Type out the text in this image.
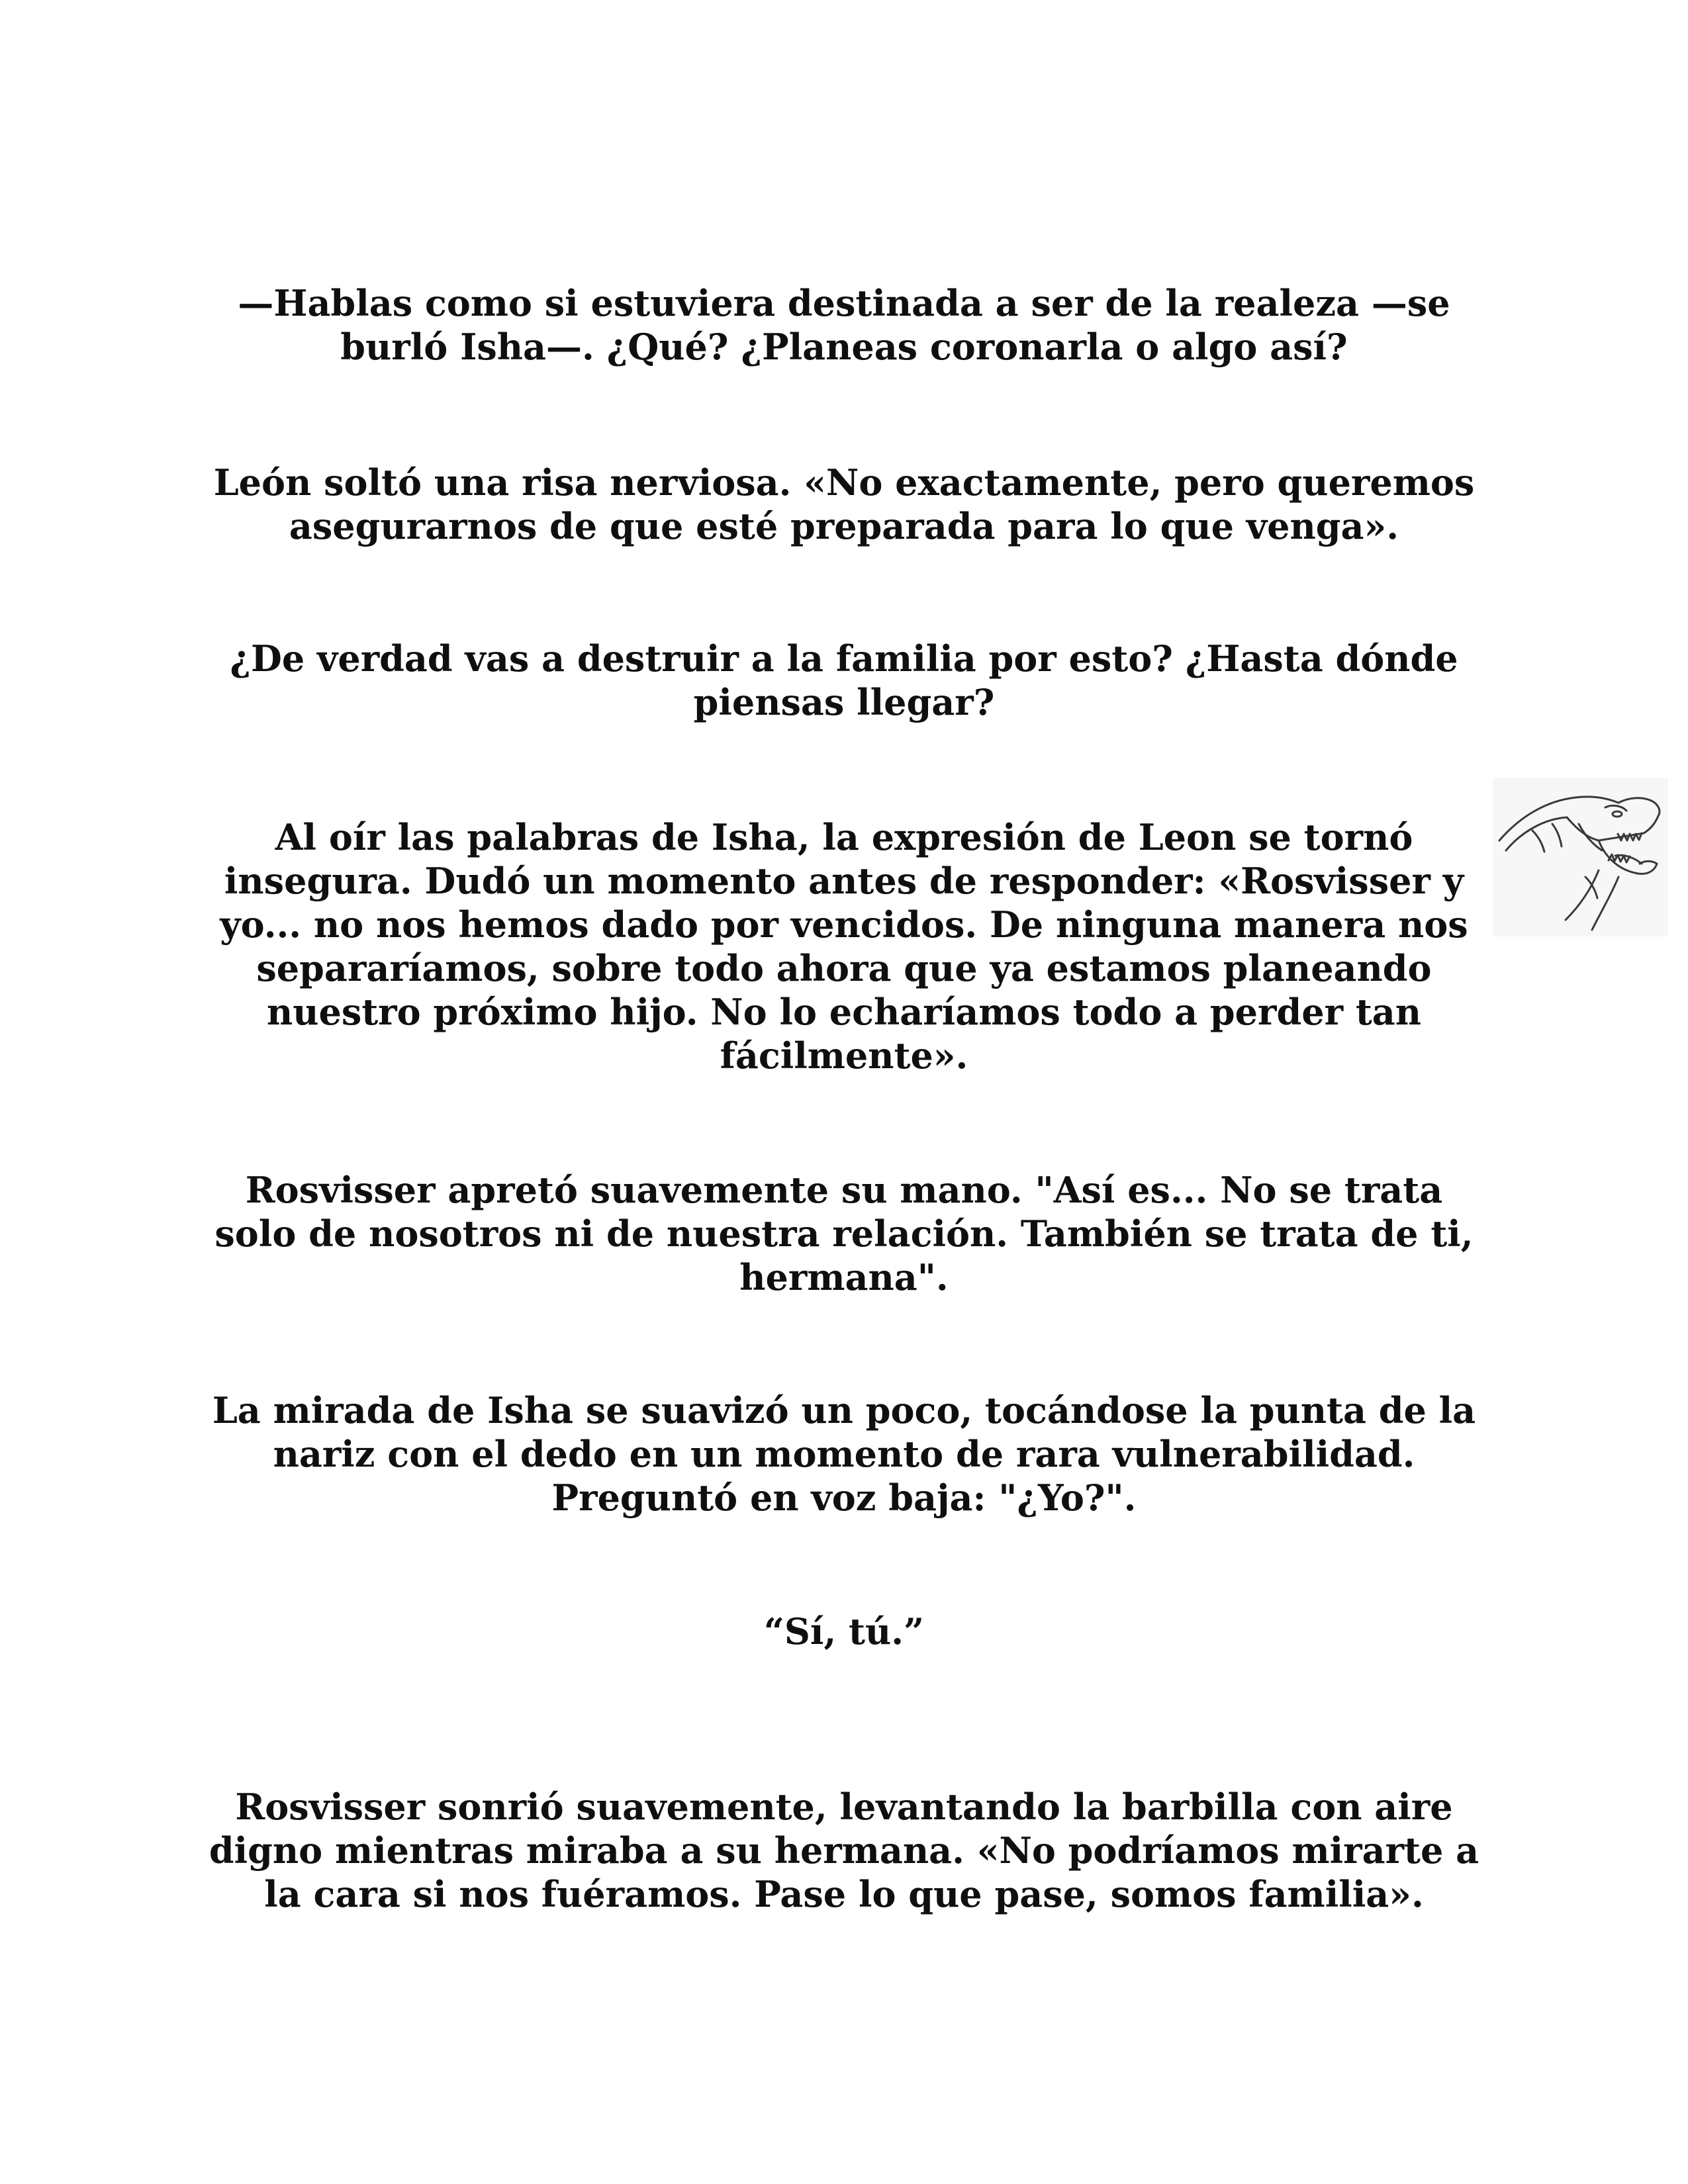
—Hablas como si estuviera destinada a ser de la realeza —se burló Isha—. ¿Qué? ¿Planeas coronarla o algo así?

León soltó una risa nerviosa. «No exactamente, pero queremos asegurarnos de que esté preparada para lo que venga».

¿De verdad vas a destruir a la familia por esto? ¿Hasta dónde piensas llegar?

Al oír las palabras de Isha, la expresión de Leon se tornó insegura. Dudó un momento antes de responder: «Rosvisser y yo... no nos hemos dado por vencidos. De ninguna manera nos separaríamos, sobre todo ahora que ya estamos planeando nuestro próximo hijo. No lo echaríamos todo a perder tan fácilmente».

Rosvisser apretó suavemente su mano. "Así es... No se trata solo de nosotros ni de nuestra relación. También se trata de ti, hermana".

La mirada de Isha se suavizó un poco, tocándose la punta de la nariz con el dedo en un momento de rara vulnerabilidad. Preguntó en voz baja: "¿Yo?".

“Sí, tú.”

Rosvisser sonrió suavemente, levantando la barbilla con aire digno mientras miraba a su hermana. «No podríamos mirarte a la cara si nos fuéramos. Pase lo que pase, somos familia».
